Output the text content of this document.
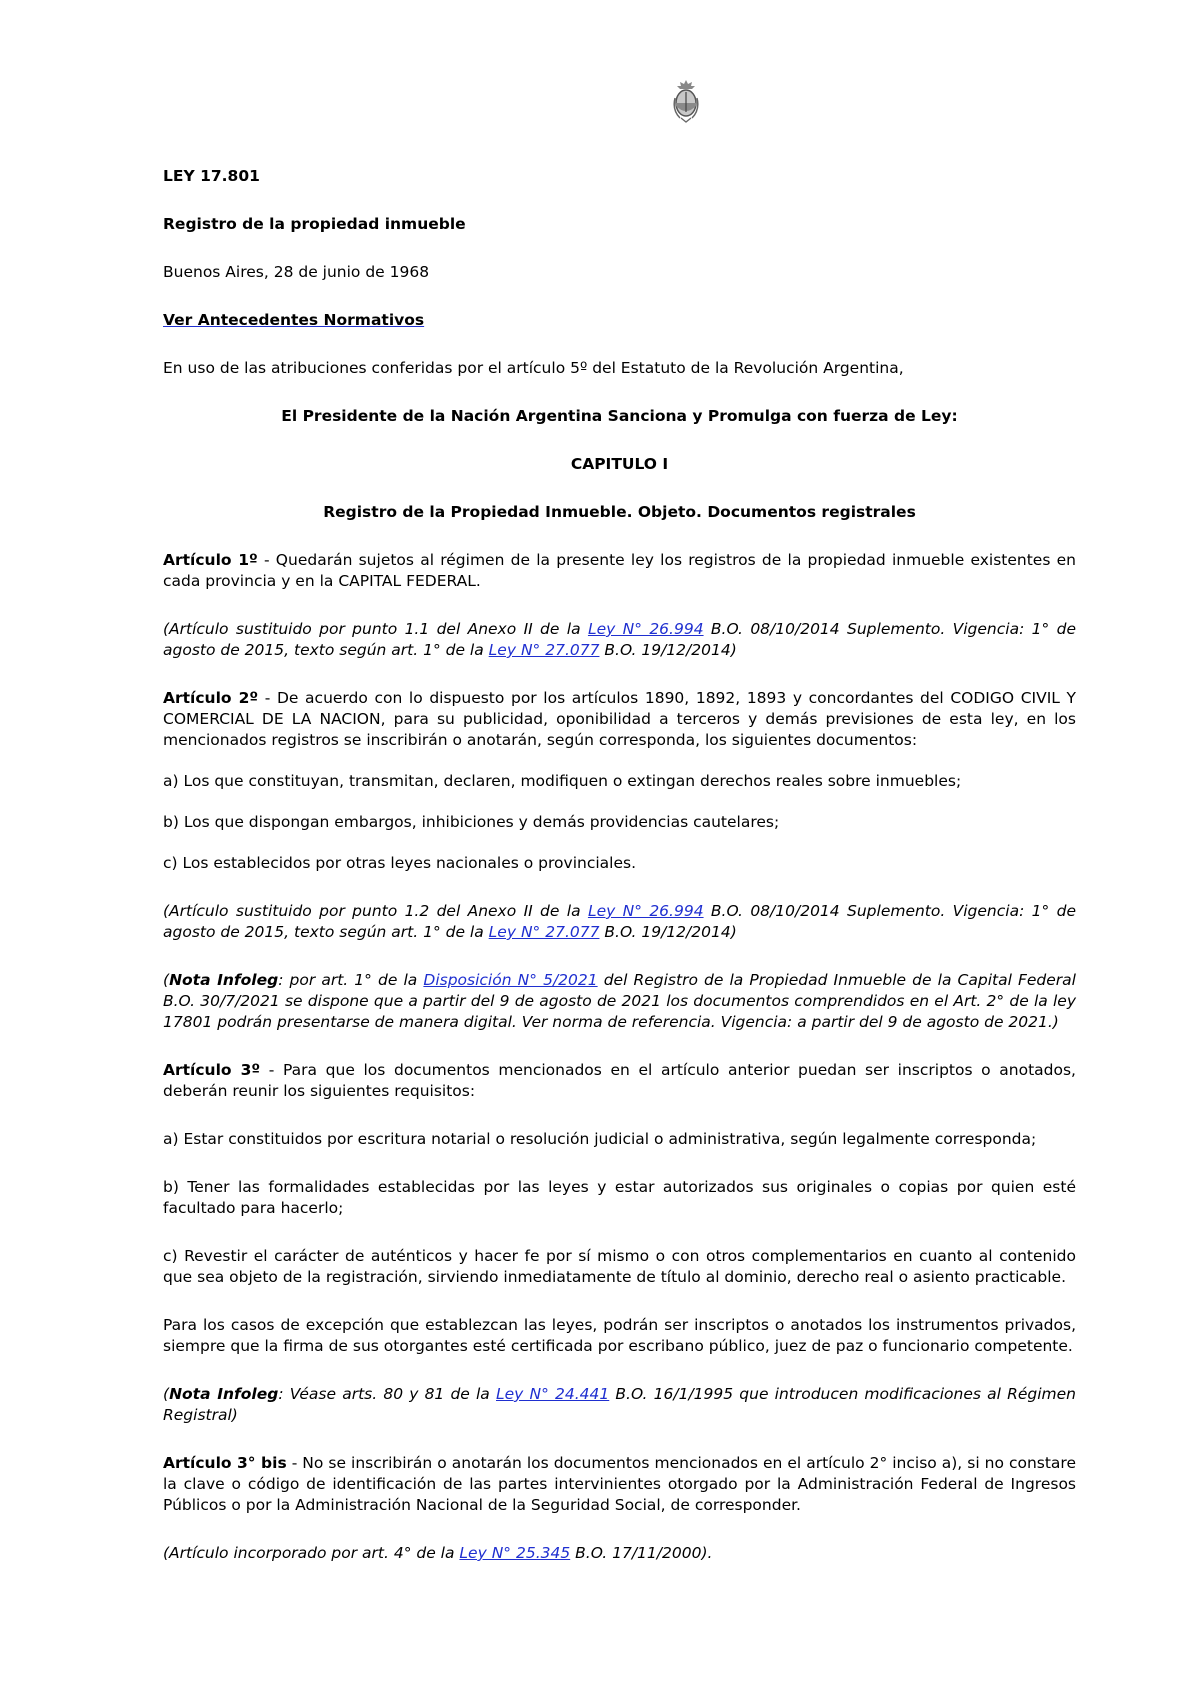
LEY 17.801

Registro de la propiedad inmueble

Buenos Aires, 28 de junio de 1968

Ver Antecedentes Normativos

En uso de las atribuciones conferidas por el artículo 5º del Estatuto de la Revolución Argentina,

El Presidente de la Nación Argentina Sanciona y Promulga con fuerza de Ley:

CAPITULO I

Registro de la Propiedad Inmueble. Objeto. Documentos registrales

Artículo 1º - Quedarán sujetos al régimen de la presente ley los registros de la propiedad inmueble existentes en cada provincia y en la CAPITAL FEDERAL.

(Artículo sustituido por punto 1.1 del Anexo II de la Ley N° 26.994 B.O. 08/10/2014 Suplemento. Vigencia: 1° de agosto de 2015, texto según art. 1° de la Ley N° 27.077 B.O. 19/12/2014)

Artículo 2º - De acuerdo con lo dispuesto por los artículos 1890, 1892, 1893 y concordantes del CODIGO CIVIL Y COMERCIAL DE LA NACION, para su publicidad, oponibilidad a terceros y demás previsiones de esta ley, en los mencionados registros se inscribirán o anotarán, según corresponda, los siguientes documentos:

a) Los que constituyan, transmitan, declaren, modifiquen o extingan derechos reales sobre inmuebles;

b) Los que dispongan embargos, inhibiciones y demás providencias cautelares;

c) Los establecidos por otras leyes nacionales o provinciales.

(Artículo sustituido por punto 1.2 del Anexo II de la Ley N° 26.994 B.O. 08/10/2014 Suplemento. Vigencia: 1° de agosto de 2015, texto según art. 1° de la Ley N° 27.077 B.O. 19/12/2014)

(Nota Infoleg: por art. 1° de la Disposición N° 5/2021 del Registro de la Propiedad Inmueble de la Capital Federal B.O. 30/7/2021 se dispone que a partir del 9 de agosto de 2021 los documentos comprendidos en el Art. 2° de la ley 17801 podrán presentarse de manera digital. Ver norma de referencia. Vigencia: a partir del 9 de agosto de 2021.)

Artículo 3º - Para que los documentos mencionados en el artículo anterior puedan ser inscriptos o anotados, deberán reunir los siguientes requisitos:

a) Estar constituidos por escritura notarial o resolución judicial o administrativa, según legalmente corresponda;

b) Tener las formalidades establecidas por las leyes y estar autorizados sus originales o copias por quien esté facultado para hacerlo;

c) Revestir el carácter de auténticos y hacer fe por sí mismo o con otros complementarios en cuanto al contenido que sea objeto de la registración, sirviendo inmediatamente de título al dominio, derecho real o asiento practicable.

Para los casos de excepción que establezcan las leyes, podrán ser inscriptos o anotados los instrumentos privados, siempre que la firma de sus otorgantes esté certificada por escribano público, juez de paz o funcionario competente.

(Nota Infoleg: Véase arts. 80 y 81 de la Ley N° 24.441 B.O. 16/1/1995 que introducen modificaciones al Régimen Registral)

Artículo 3° bis - No se inscribirán o anotarán los documentos mencionados en el artículo 2° inciso a), si no constare la clave o código de identificación de las partes intervinientes otorgado por la Administración Federal de Ingresos Públicos o por la Administración Nacional de la Seguridad Social, de corresponder.

(Artículo incorporado por art. 4° de la Ley N° 25.345 B.O. 17/11/2000).
